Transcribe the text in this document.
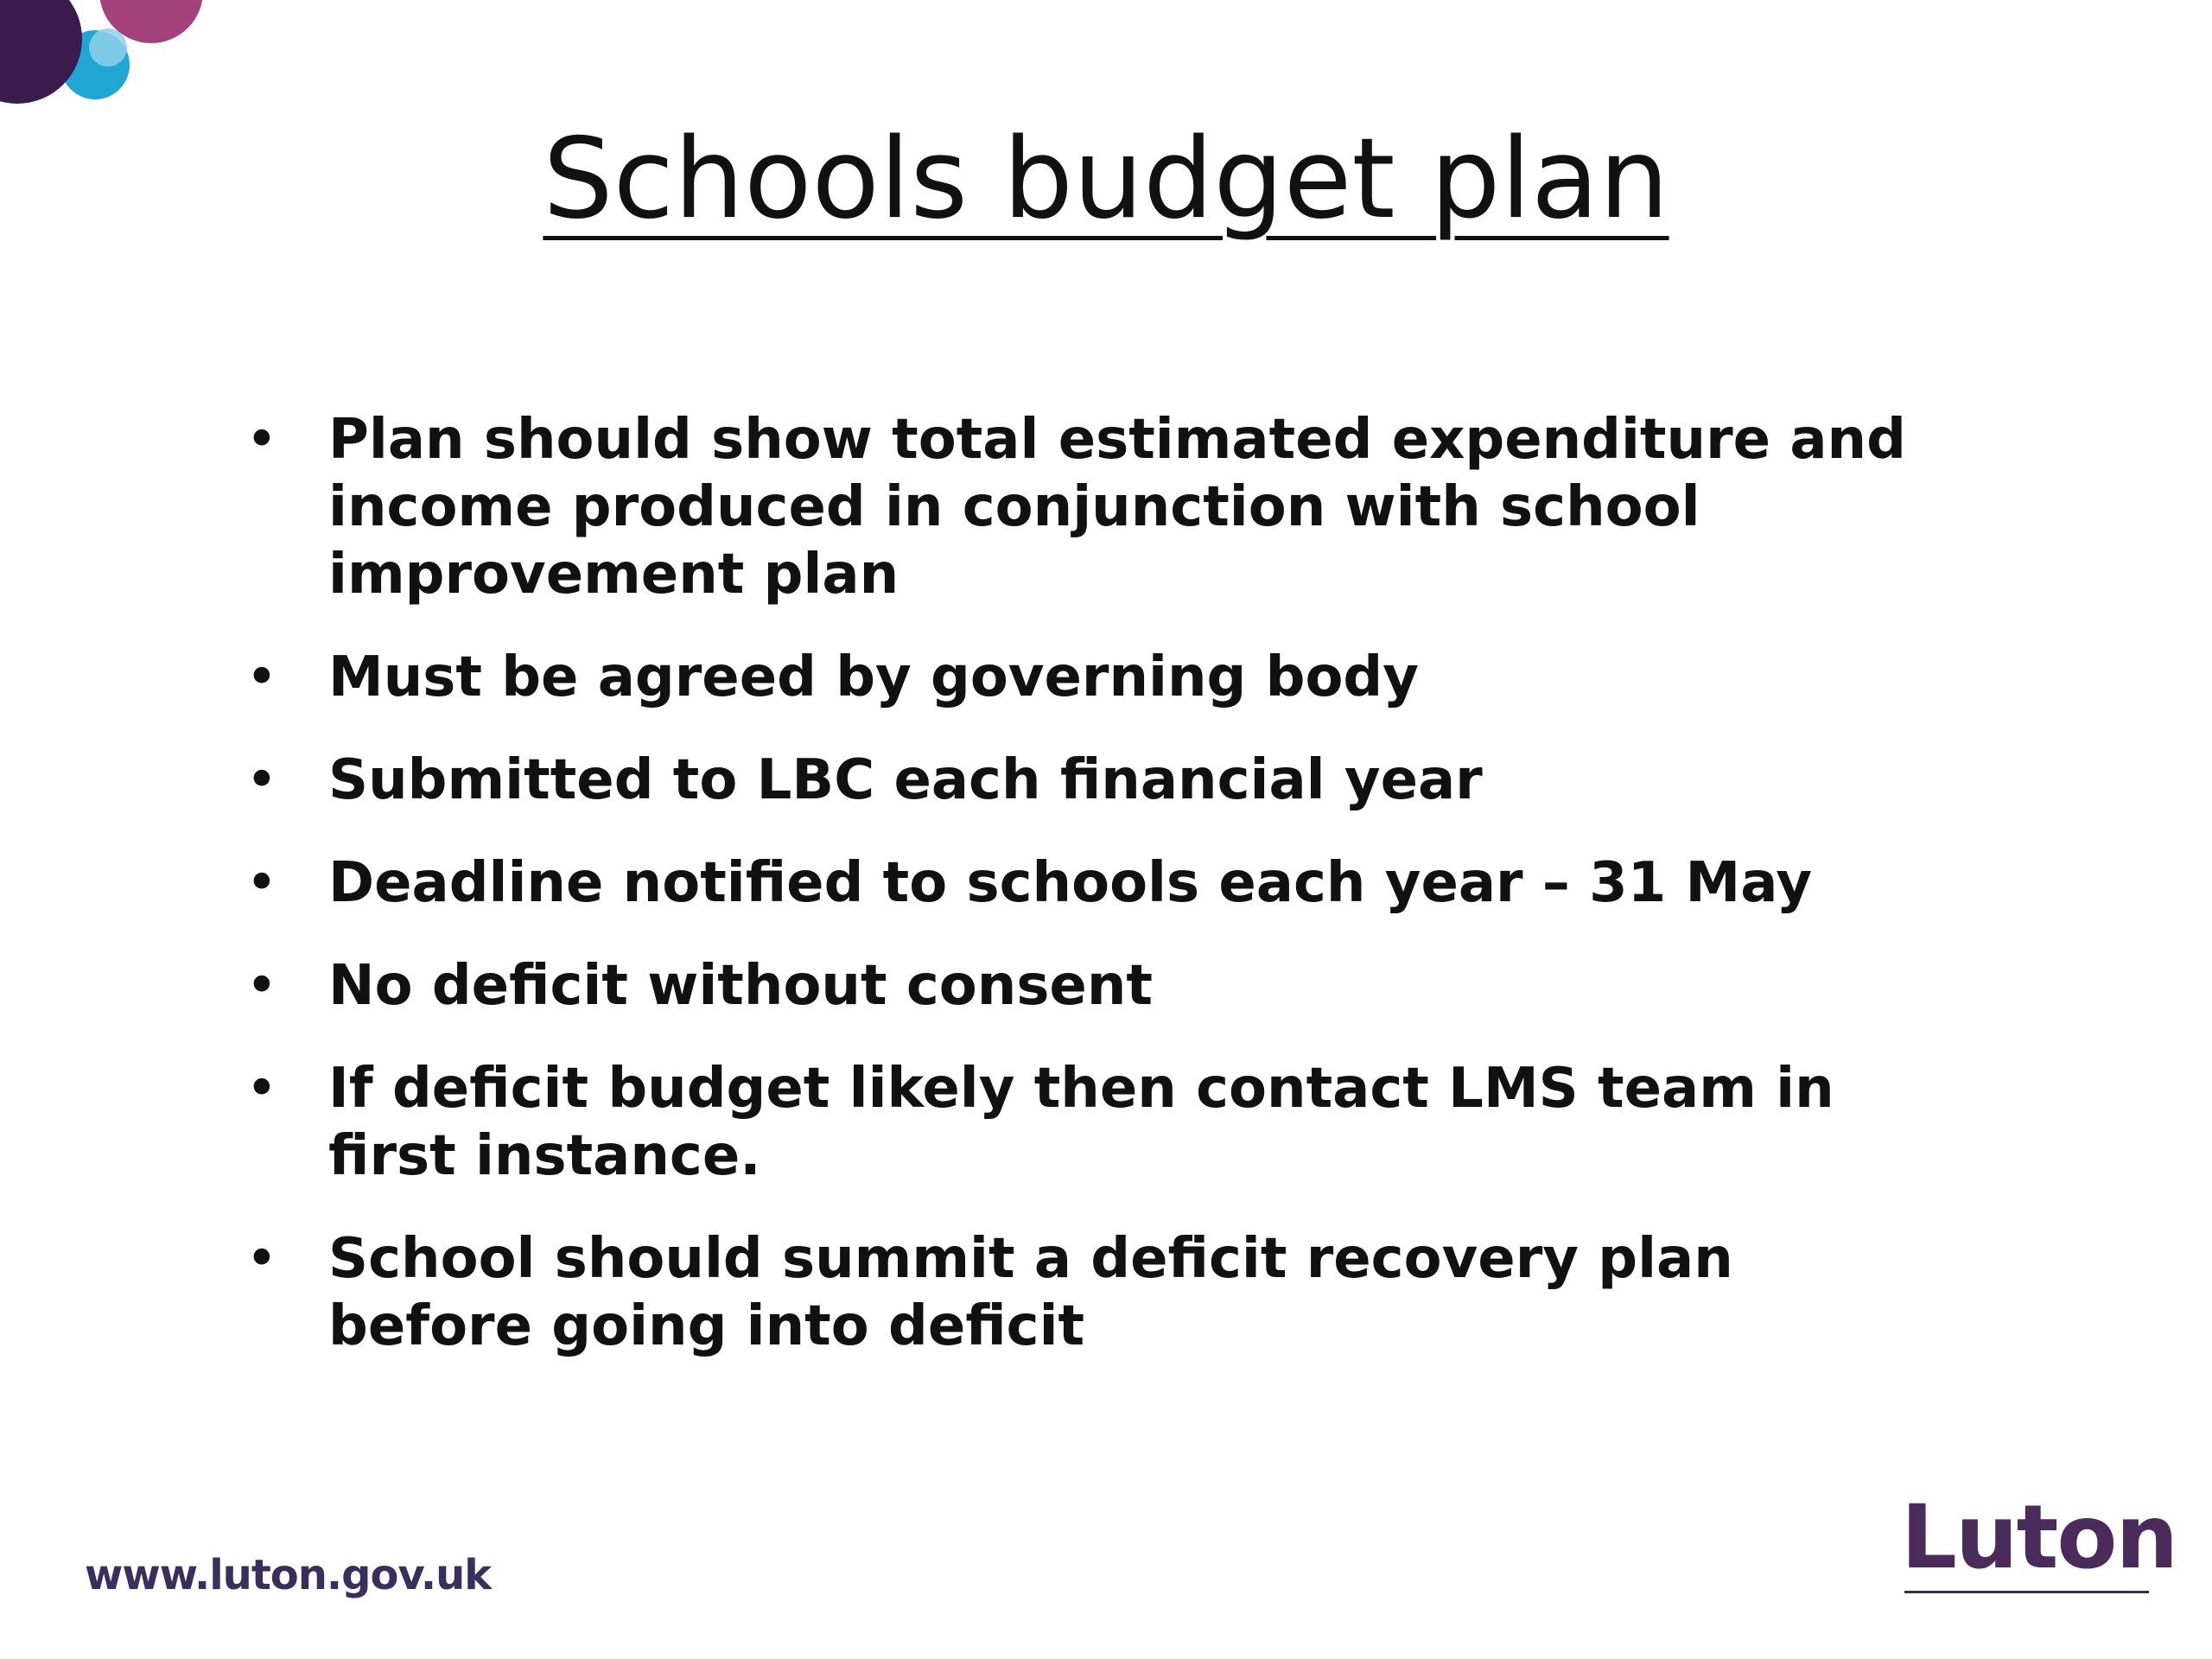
Schools budget plan
• Plan should show total estimated expenditure and income produced in conjunction with school improvement plan
• Must be agreed by governing body
• Submitted to LBC each financial year
• Deadline notified to schools each year – 31 May
• No deficit without consent
• If deficit budget likely then contact LMS team in first instance.
• School should summit a deficit recovery plan before going into deficit
www.luton.gov.uk	Luton
